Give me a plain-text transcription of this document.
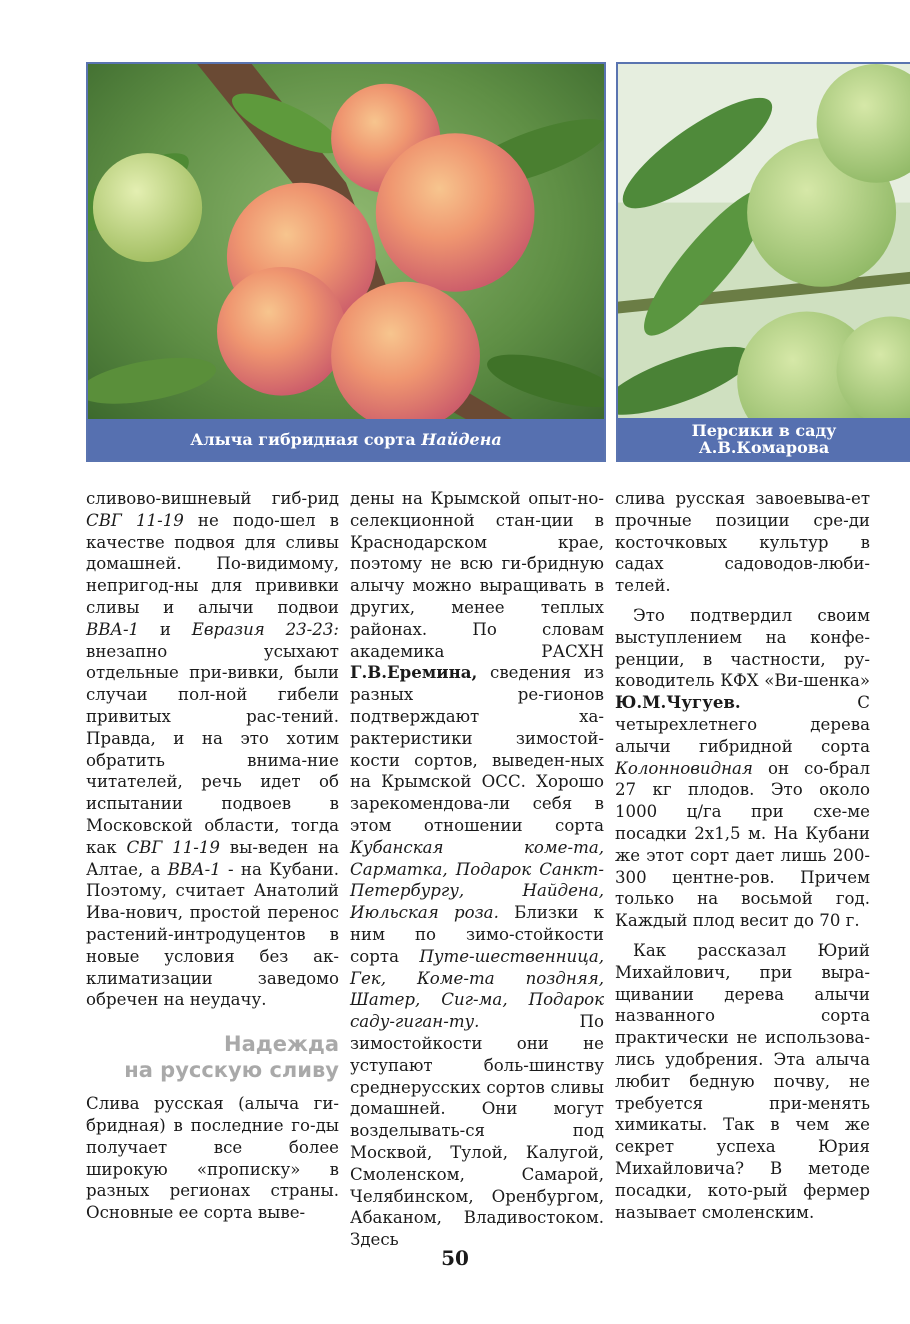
Алыча гибридная сорта Найдена	Персики в саду
А.В.Комарова

сливово-вишневый гиб-рид СВГ 11-19 не подо-шел в качестве подвоя для сливы домашней. По-видимому, непригод-ны для прививки сливы и алычи подвои ВВА-1 и Евразия 23-23: внезапно усыхают отдельные при-вивки, были случаи пол-ной гибели привитых рас-тений. Правда, и на это хотим обратить внима-ние читателей, речь идет об испытании подвоев в Московской области, тогда как СВГ 11-19 вы-веден на Алтае, а ВВА-1 - на Кубани. Поэтому, считает Анатолий Ива-нович, простой перенос растений-интродуцентов в новые условия без ак-климатизации заведомо обречен на неудачу.

Надежда
на русскую сливу

Слива русская (алыча ги-бридная) в последние го-ды получает все более широкую «прописку» в разных регионах страны. Основные ее сорта выве-

дены на Крымской опыт-но-селекционной стан-ции в Краснодарском крае, поэтому не всю ги-бридную алычу можно выращивать в других, менее теплых районах. По словам академика РАСХН Г.В.Еремина, сведения из разных ре-гионов подтверждают ха-рактеристики зимостой-кости сортов, выведен-ных на Крымской ОСС. Хорошо зарекомендова-ли себя в этом отношении сорта Кубанская коме-та, Сарматка, Подарок Санкт-Петербургу, Найдена, Июльская роза. Близки к ним по зимо-стойкости сорта Путе-шественница, Гек, Коме-та поздняя, Шатер, Сиг-ма, Подарок саду-гиган-ту. По зимостойкости они не уступают боль-шинству среднерусских сортов сливы домашней. Они могут возделывать-ся под Москвой, Тулой, Калугой, Смоленском, Самарой, Челябинском, Оренбургом, Абаканом, Владивостоком. Здесь

слива русская завоевыва-ет прочные позиции сре-ди косточковых культур в садах садоводов-люби-телей.

Это подтвердил своим выступлением на конфе-ренции, в частности, ру-ководитель КФХ «Ви-шенка» Ю.М.Чугуев. С четырехлетнего дерева алычи гибридной сорта Колонновидная он со-брал 27 кг плодов. Это около 1000 ц/га при схе-ме посадки 2х1,5 м. На Кубани же этот сорт дает лишь 200-300 центне-ров. Причем только на восьмой год. Каждый плод весит до 70 г.

Как рассказал Юрий Михайлович, при выра-щивании дерева алычи названного сорта практически не использова-лись удобрения. Эта алыча любит бедную почву, не требуется при-менять химикаты. Так в чем же секрет успеха Юрия Михайловича? В методе посадки, кото-рый фермер называет смоленским.

50
